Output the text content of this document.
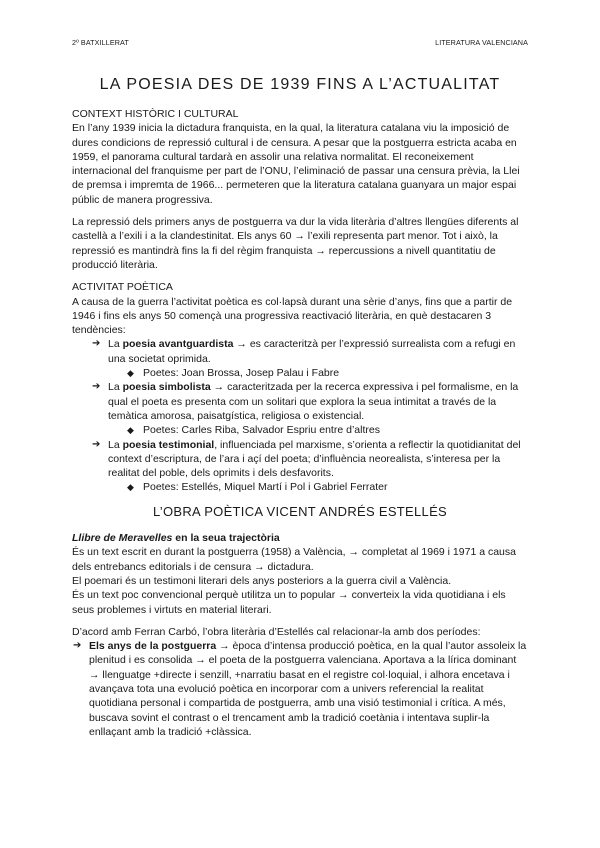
2º BATXILLERAT	LITERATURA VALENCIANA
LA POESIA DES DE 1939 FINS A L’ACTUALITAT

CONTEXT HISTÒRIC I CULTURAL

En l’any 1939 inicia la dictadura franquista, en la qual, la literatura catalana viu la imposició de dures condicions de repressió cultural i de censura. A pesar que la postguerra estricta acaba en 1959, el panorama cultural tardarà en assolir una relativa normalitat. El reconeixement internacional del franquisme per part de l’ONU, l’eliminació de passar una censura prèvia, la Llei de premsa i impremta de 1966... permeteren que la literatura catalana guanyara un major espai públic de manera progressiva.

La repressió dels primers anys de postguerra va dur la vida literària d’altres llengües diferents al castellà a l’exili i a la clandestinitat. Els anys 60 → l’exili representa part menor. Tot i això, la repressió es mantindrà fins la fi del règim franquista → repercussions a nivell quantitatiu de producció literària.

ACTIVITAT POÈTICA

A causa de la guerra l’activitat poètica es col·lapsà durant una sèrie d’anys, fins que a partir de 1946 i fins els anys 50 començà una progressiva reactivació literària, en què destacaren 3 tendències:

➔ La poesia avantguardista → es caracteritzà per l’expressió surrealista com a refugi en una societat oprimida.

◆ Poetes: Joan Brossa, Josep Palau i Fabre

➔ La poesia simbolista → caracteritzada per la recerca expressiva i pel formalisme, en la qual el poeta es presenta com un solitari que explora la seua intimitat a través de la temàtica amorosa, paisatgística, religiosa o existencial.

◆ Poetes: Carles Riba, Salvador Espriu entre d’altres

➔ La poesia testimonial, influenciada pel marxisme, s’orienta a reflectir la quotidianitat del context d’escriptura, de l’ara i açí del poeta; d’influència neorealista, s’interesa per la realitat del poble, dels oprimits i dels desfavorits.

◆ Poetes: Estellés, Miquel Martí i Pol i Gabriel Ferrater

L’OBRA POÈTICA VICENT ANDRÉS ESTELLÉS

Llibre de Meravelles en la seua trajectòria

És un text escrit en durant la postguerra (1958) a València, → completat al 1969 i 1971 a causa dels entrebancs editorials i de censura → dictadura.

El poemari és un testimoni literari dels anys posteriors a la guerra civil a València.

És un text poc convencional perquè utilitza un to popular → converteix la vida quotidiana i els seus problemes i virtuts en material literari.

D’acord amb Ferran Carbó, l’obra literària d’Estellés cal relacionar-la amb dos períodes:

➔ Els anys de la postguerra → època d’intensa producció poètica, en la qual l’autor assoleix la plenitud i es consolida → el poeta de la postguerra valenciana. Aportava a la lírica dominant → llenguatge +directe i senzill, +narratiu basat en el registre col·loquial, i alhora encetava i avançava tota una evolució poètica en incorporar com a univers referencial la realitat quotidiana personal i compartida de postguerra, amb una visió testimonial i crítica. A més, buscava sovint el contrast o el trencament amb la tradició coetània i intentava suplir-la enllaçant amb la tradició +clàssica.
